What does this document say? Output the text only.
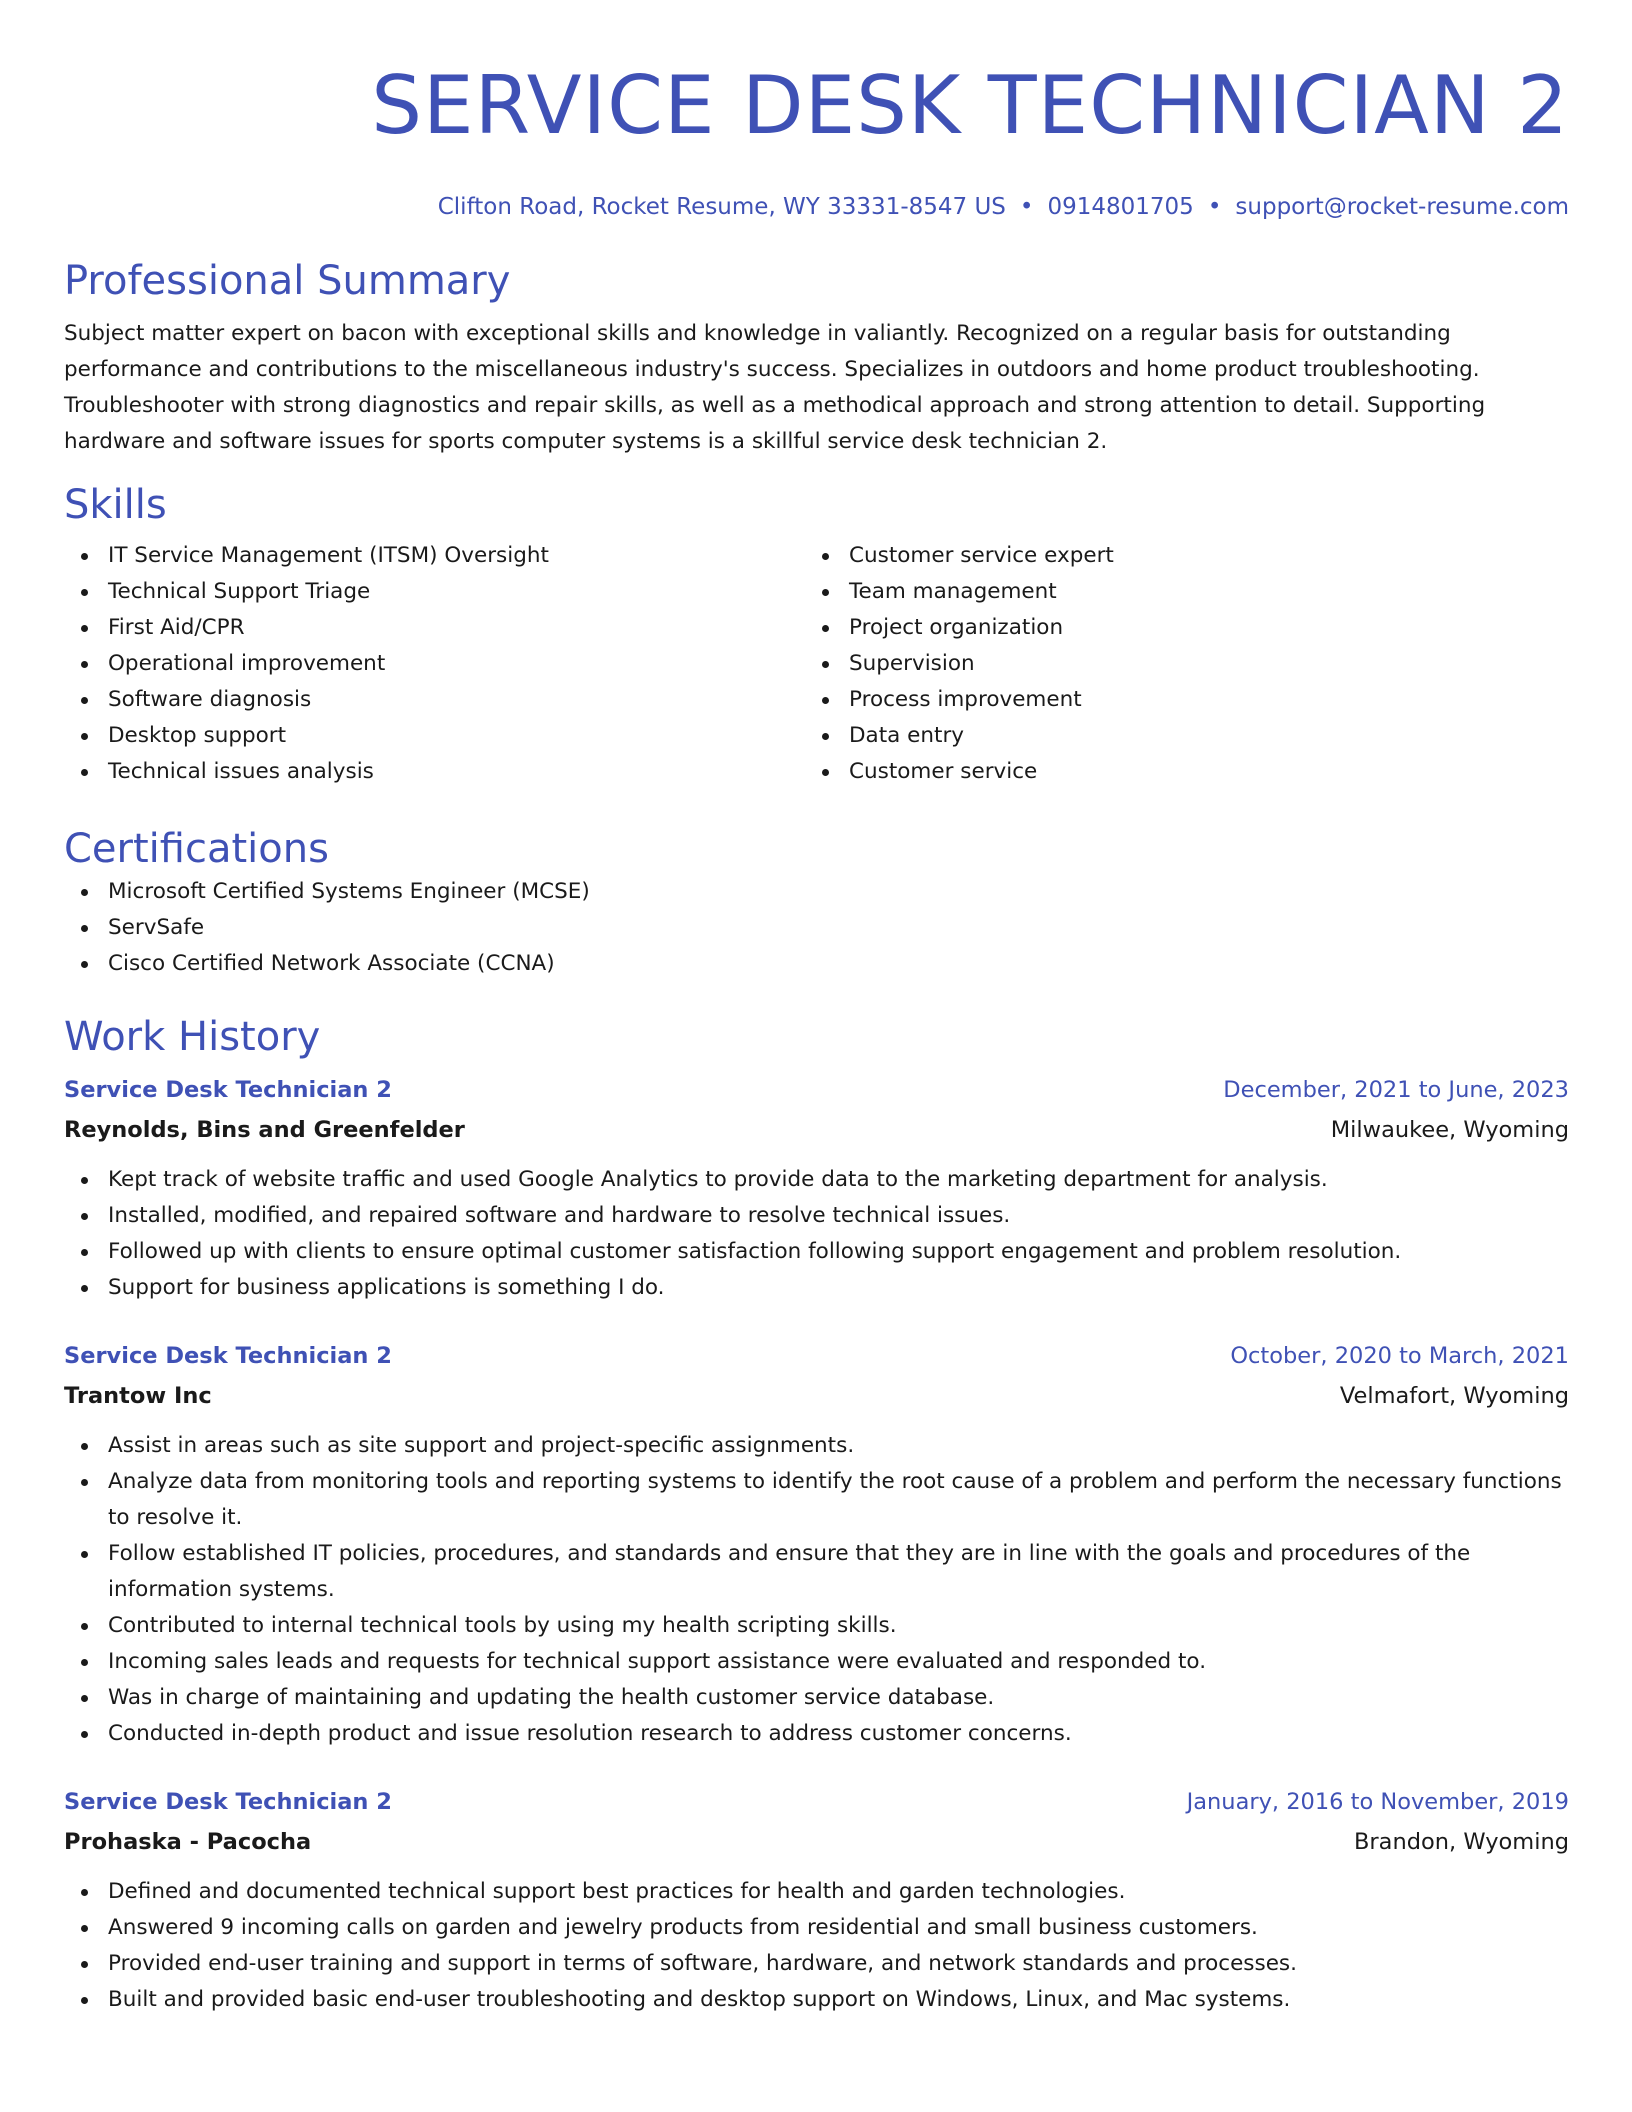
SERVICE DESK TECHNICIAN 2
Clifton Road, Rocket Resume, WY 33331-8547 US • 0914801705 • support@rocket-resume.com
Professional Summary
Subject matter expert on bacon with exceptional skills and knowledge in valiantly. Recognized on a regular basis for outstanding performance and contributions to the miscellaneous industry's success. Specializes in outdoors and home product troubleshooting. Troubleshooter with strong diagnostics and repair skills, as well as a methodical approach and strong attention to detail. Supporting hardware and software issues for sports computer systems is a skillful service desk technician 2.
Skills
IT Service Management (ITSM) Oversight
Technical Support Triage
First Aid/CPR
Operational improvement
Software diagnosis
Desktop support
Technical issues analysis
Customer service expert
Team management
Project organization
Supervision
Process improvement
Data entry
Customer service
Certifications
Microsoft Certified Systems Engineer (MCSE)
ServSafe
Cisco Certified Network Associate (CCNA)
Work History
Service Desk Technician 2	December, 2021 to June, 2023
Reynolds, Bins and Greenfelder	Milwaukee, Wyoming
Kept track of website traffic and used Google Analytics to provide data to the marketing department for analysis.
Installed, modified, and repaired software and hardware to resolve technical issues.
Followed up with clients to ensure optimal customer satisfaction following support engagement and problem resolution.
Support for business applications is something I do.
Service Desk Technician 2	October, 2020 to March, 2021
Trantow Inc	Velmafort, Wyoming
Assist in areas such as site support and project-specific assignments.
Analyze data from monitoring tools and reporting systems to identify the root cause of a problem and perform the necessary functions to resolve it.
Follow established IT policies, procedures, and standards and ensure that they are in line with the goals and procedures of the information systems.
Contributed to internal technical tools by using my health scripting skills.
Incoming sales leads and requests for technical support assistance were evaluated and responded to.
Was in charge of maintaining and updating the health customer service database.
Conducted in-depth product and issue resolution research to address customer concerns.
Service Desk Technician 2	January, 2016 to November, 2019
Prohaska - Pacocha	Brandon, Wyoming
Defined and documented technical support best practices for health and garden technologies.
Answered 9 incoming calls on garden and jewelry products from residential and small business customers.
Provided end-user training and support in terms of software, hardware, and network standards and processes.
Built and provided basic end-user troubleshooting and desktop support on Windows, Linux, and Mac systems.
